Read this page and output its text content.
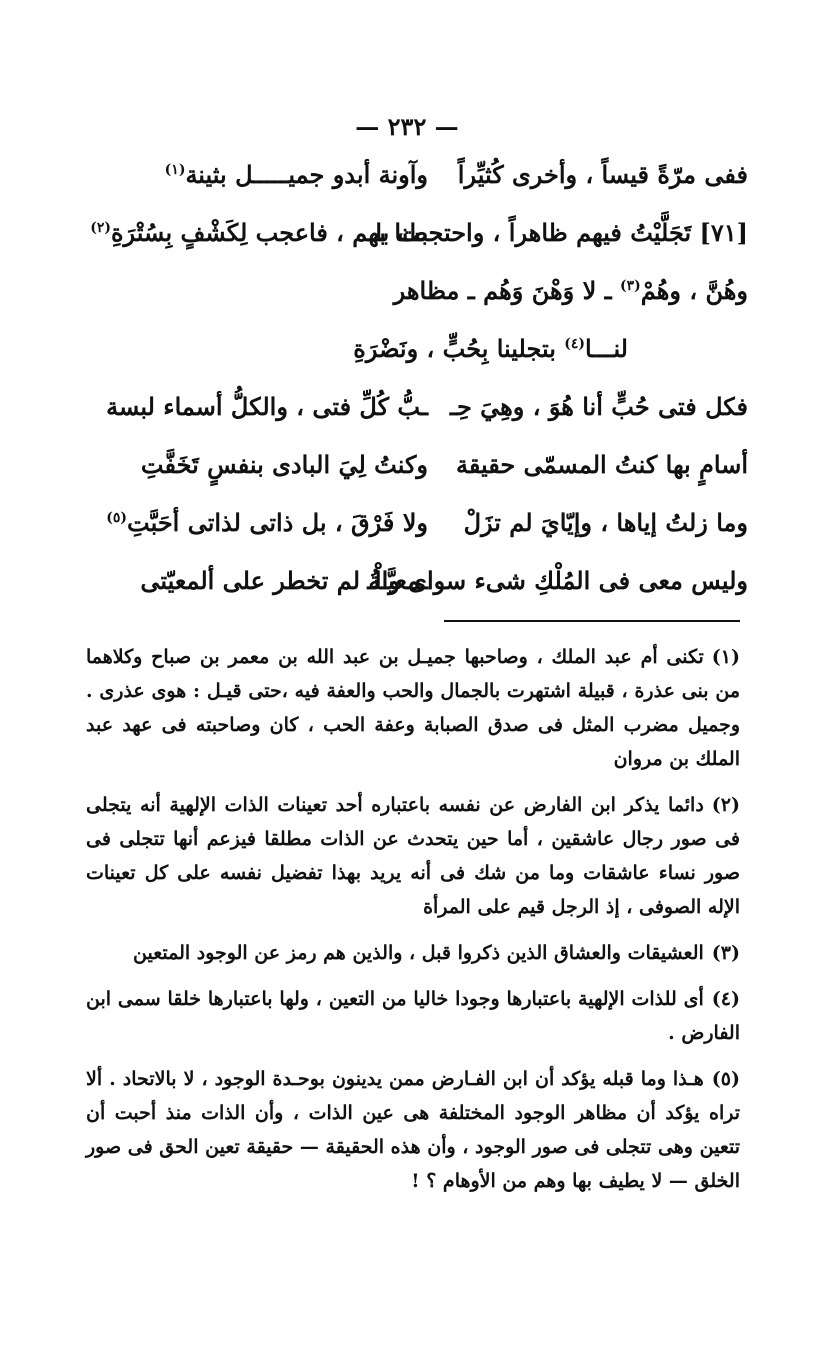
— ٢٣٢ —
ففى مرّةً قيساً ، وأخرى كُثيِّراً
وآونة أبدو جميـــــل بثينة$^{(١)}$
[٧١] تَجَلَّيْتُ فيهم ظاهراً ، واحتجبت با
طنا بهم ، فاعجب لِكَشْفٍ بِسُتْرَةِ$^{(٢)}$
وهُنَّ ، وهُمْ$^{(٣)}$ ـ لا وَهْنَ وَهُم ـ مظاهر
لنـــا$^{(٤)}$ بتجلينا بِحُبٍّ ، ونَضْرَةِ
فكل فتى حُبٍّ أنا هُوَ ، وهِيَ حِـ
ـبُّ كُلِّ فتى ، والكلُّ أسماء لبسة
أسامٍ بها كنتُ المسمّى حقيقة
وكنتُ لِيَ البادى بنفسٍ تَخَفَّتِ
وما زلتُ إياها ، وإيّايَ لم تزَلْ
ولا فَرْقَ ، بل ذاتى لذاتى أحَبَّتِ$^{(٥)}$
وليس معى فى المُلْكِ شىء سواى والْـ
ـمعيَّـةُ لم تخطر على ألمعيّتى

(١)تكنى أم عبد الملك ، وصاحبها جميـل بن عبد الله بن معمر بن صباح وكلاهما من بنى عذرة ، قبيلة اشتهرت بالجمال والحب والعفة فيه ،حتى قيـل : هوى عذرى . وجميل مضرب المثل فى صدق الصبابة وعفة الحب ، كان وصاحبته فى عهد عبد الملك بن مروان

(٢)دائما يذكر ابن الفارض عن نفسه باعتباره أحد تعينات الذات الإلهية أنه يتجلى فى صور رجال عاشقين ، أما حين يتحدث عن الذات مطلقا فيزعم أنها تتجلى فى صور نساء عاشقات وما من شك فى أنه يريد بهذا تفضيل نفسه على كل تعينات الإله الصوفى ، إذ الرجل قيم على المرأة

(٣)العشيقات والعشاق الذين ذكروا قبل ، والذين هم رمز عن الوجود المتعين

(٤)أى للذات الإلهية باعتبارها وجودا خاليا من التعين ، ولها باعتبارها خلقا سمى ابن الفارض .

(٥)هـذا وما قبله يؤكد أن ابن الفـارض ممن يدينون بوحـدة الوجود ، لا بالاتحاد . ألا تراه يؤكد أن مظاهر الوجود المختلفة هى عين الذات ، وأن الذات منذ أحبت أن تتعين وهى تتجلى فى صور الوجود ، وأن هذه الحقيقة — حقيقة تعين الحق فى صور الخلق — لا يطيف بها وهم من الأوهام ؟ !
